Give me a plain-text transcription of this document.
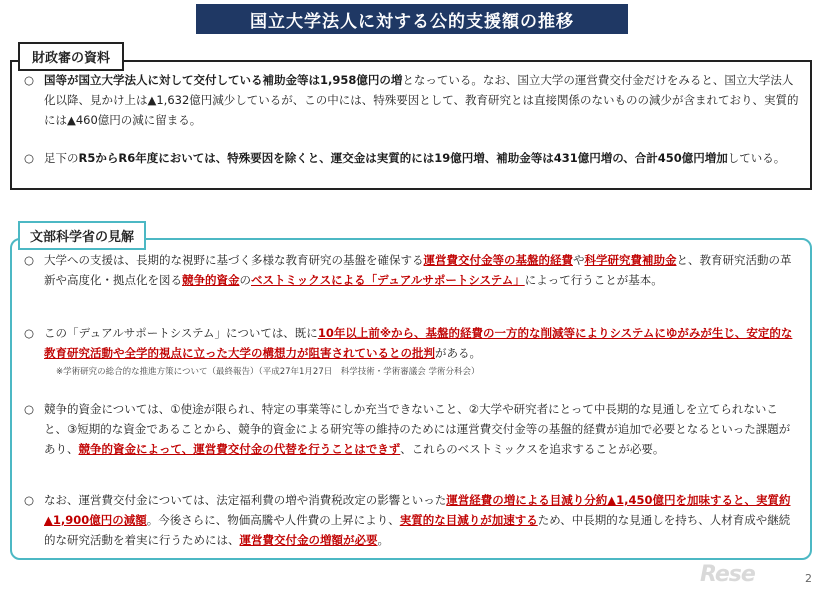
国立大学法人に対する公的支援額の推移
財政審の資料
○ 国等が国立大学法人に対して交付している補助金等は1,958億円の増となっている。なお、国立大学の運営費交付金だけをみると、国立大学法人化以降、見かけ上は▲1,632億円減少しているが、この中には、特殊要因として、教育研究とは直接関係のないものの減少が含まれており、実質的には▲460億円の減に留まる。
○ 足下のR5からR6年度においては、特殊要因を除くと、運交金は実質的には19億円増、補助金等は431億円増の、合計450億円増加している。
文部科学省の見解
○ 大学への支援は、長期的な視野に基づく多様な教育研究の基盤を確保する運営費交付金等の基盤的経費や科学研究費補助金と、教育研究活動の革新や高度化・拠点化を図る競争的資金のベストミックスによる「デュアルサポートシステム」によって行うことが基本。
○ この「デュアルサポートシステム」については、既に10年以上前※から、基盤的経費の一方的な削減等によりシステムにゆがみが生じ、安定的な教育研究活動や全学的視点に立った大学の構想力が阻害されているとの批判がある。
※学術研究の総合的な推進方策について（最終報告）（平成27年1月27日　科学技術・学術審議会 学術分科会）
○ 競争的資金については、①使途が限られ、特定の事業等にしか充当できないこと、②大学や研究者にとって中長期的な見通しを立てられないこと、③短期的な資金であることから、競争的資金による研究等の維持のためには運営費交付金等の基盤的経費が追加で必要となるといった課題があり、競争的資金によって、運営費交付金の代替を行うことはできず、これらのベストミックスを追求することが必要。
○ なお、運営費交付金については、法定福利費の増や消費税改定の影響といった運営経費の増による目減り分約▲1,450億円を加味すると、実質約▲1,900億円の減額。今後さらに、物価高騰や人件費の上昇により、実質的な目減りが加速するため、中長期的な見通しを持ち、人材育成や継続的な研究活動を着実に行うためには、運営費交付金の増額が必要。
Rese	2
